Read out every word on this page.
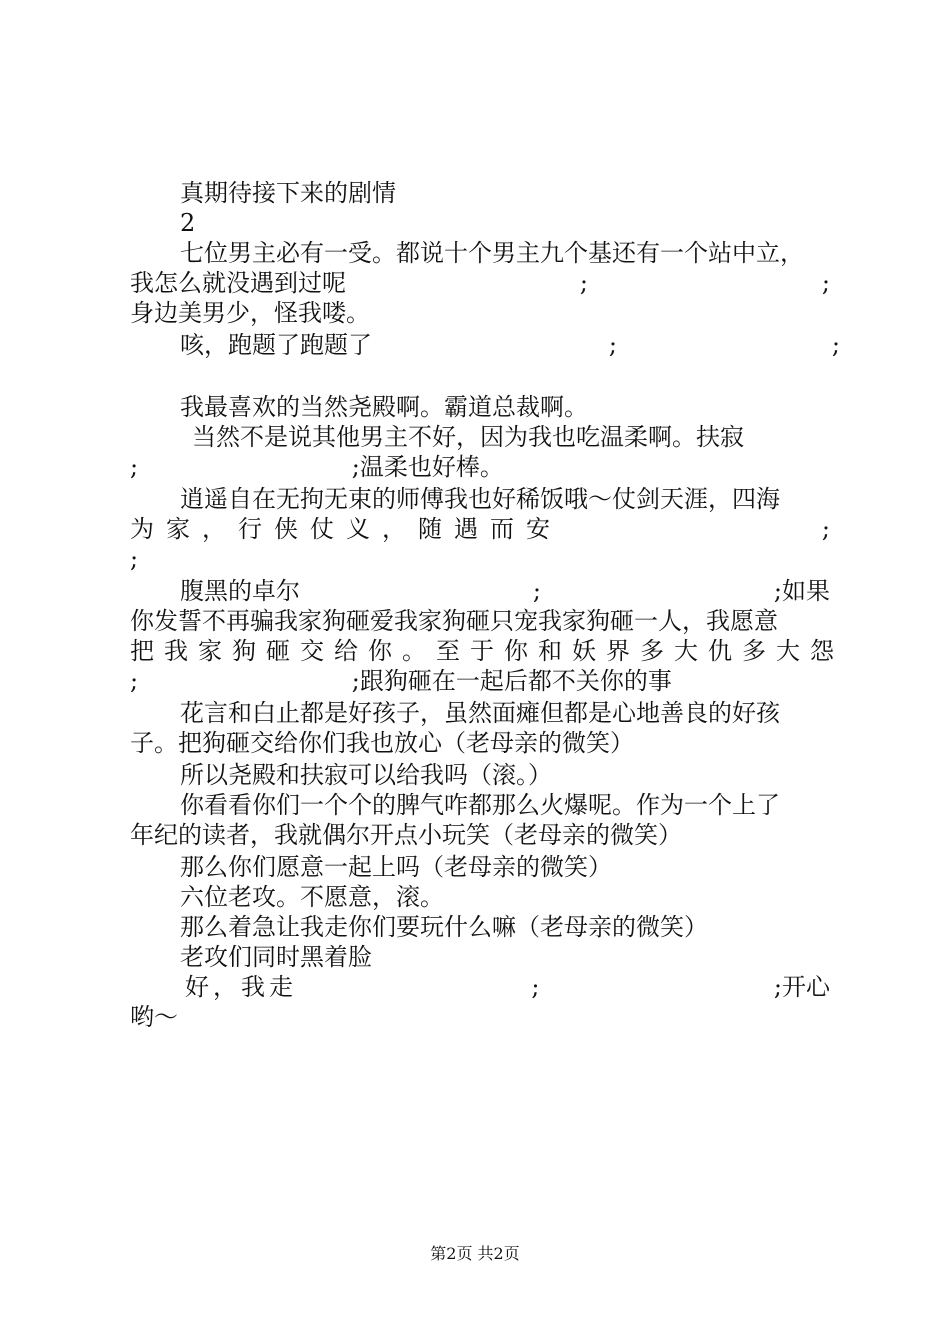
真期待接下来的剧情

2

七位男主必有一受。都说十个男主九个基还有一个站中立，

我怎么就没遇到过呢	;	;

身边美男少，怪我喽。

咳，跑题了跑题了	;	;

我最喜欢的当然尧殿啊。霸道总裁啊。

当然不是说其他男主不好，因为我也吃温柔啊。扶寂

;	;温柔也好棒。

逍遥自在无拘无束的师傅我也好稀饭哦～仗剑天涯，四海

为家，行侠仗义，随遇而安	;

;

腹黑的卓尔	;	;如果

你发誓不再骗我家狗砸爱我家狗砸只宠我家狗砸一人，我愿意

把我家狗砸交给你。至于你和妖界多大仇多大怨

;	;跟狗砸在一起后都不关你的事

花言和白止都是好孩子，虽然面瘫但都是心地善良的好孩

子。把狗砸交给你们我也放心（老母亲的微笑）

所以尧殿和扶寂可以给我吗（滚。）

你看看你们一个个的脾气咋都那么火爆呢。作为一个上了

年纪的读者，我就偶尔开点小玩笑（老母亲的微笑）

那么你们愿意一起上吗（老母亲的微笑）

六位老攻。不愿意，滚。

那么着急让我走你们要玩什么嘛（老母亲的微笑）

老攻们同时黑着脸

好，我走	;	;开心

哟～

第2页 共2页
